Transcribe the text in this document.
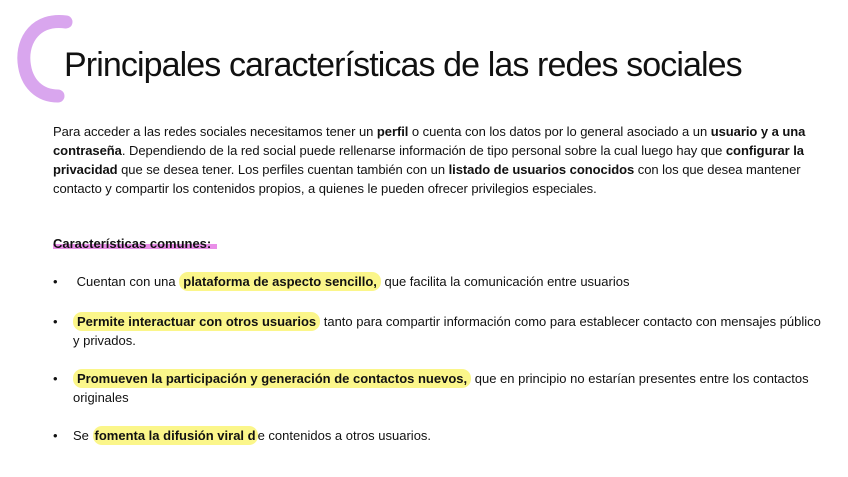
Principales características de las redes sociales

Para acceder a las redes sociales necesitamos tener un perfil o cuenta con los datos por lo general asociado a un usuario y a una contraseña. Dependiendo de la red social puede rellenarse información de tipo personal sobre la cual luego hay que configurar la privacidad que se desea tener. Los perfiles cuentan también con un listado de usuarios conocidos con los que desea mantener contacto y compartir los contenidos propios, a quienes le pueden ofrecer privilegios especiales.

Características comunes:
• Cuentan con una plataforma de aspecto sencillo, que facilita la comunicación entre usuarios
•	Permite interactuar con otros usuarios tanto para compartir información como para establecer contacto con mensajes público y privados.
•	Promueven la participación y generación de contactos nuevos, que en principio no estarían presentes entre los contactos originales
• Se fomenta la difusión viral d e contenidos a otros usuarios.
